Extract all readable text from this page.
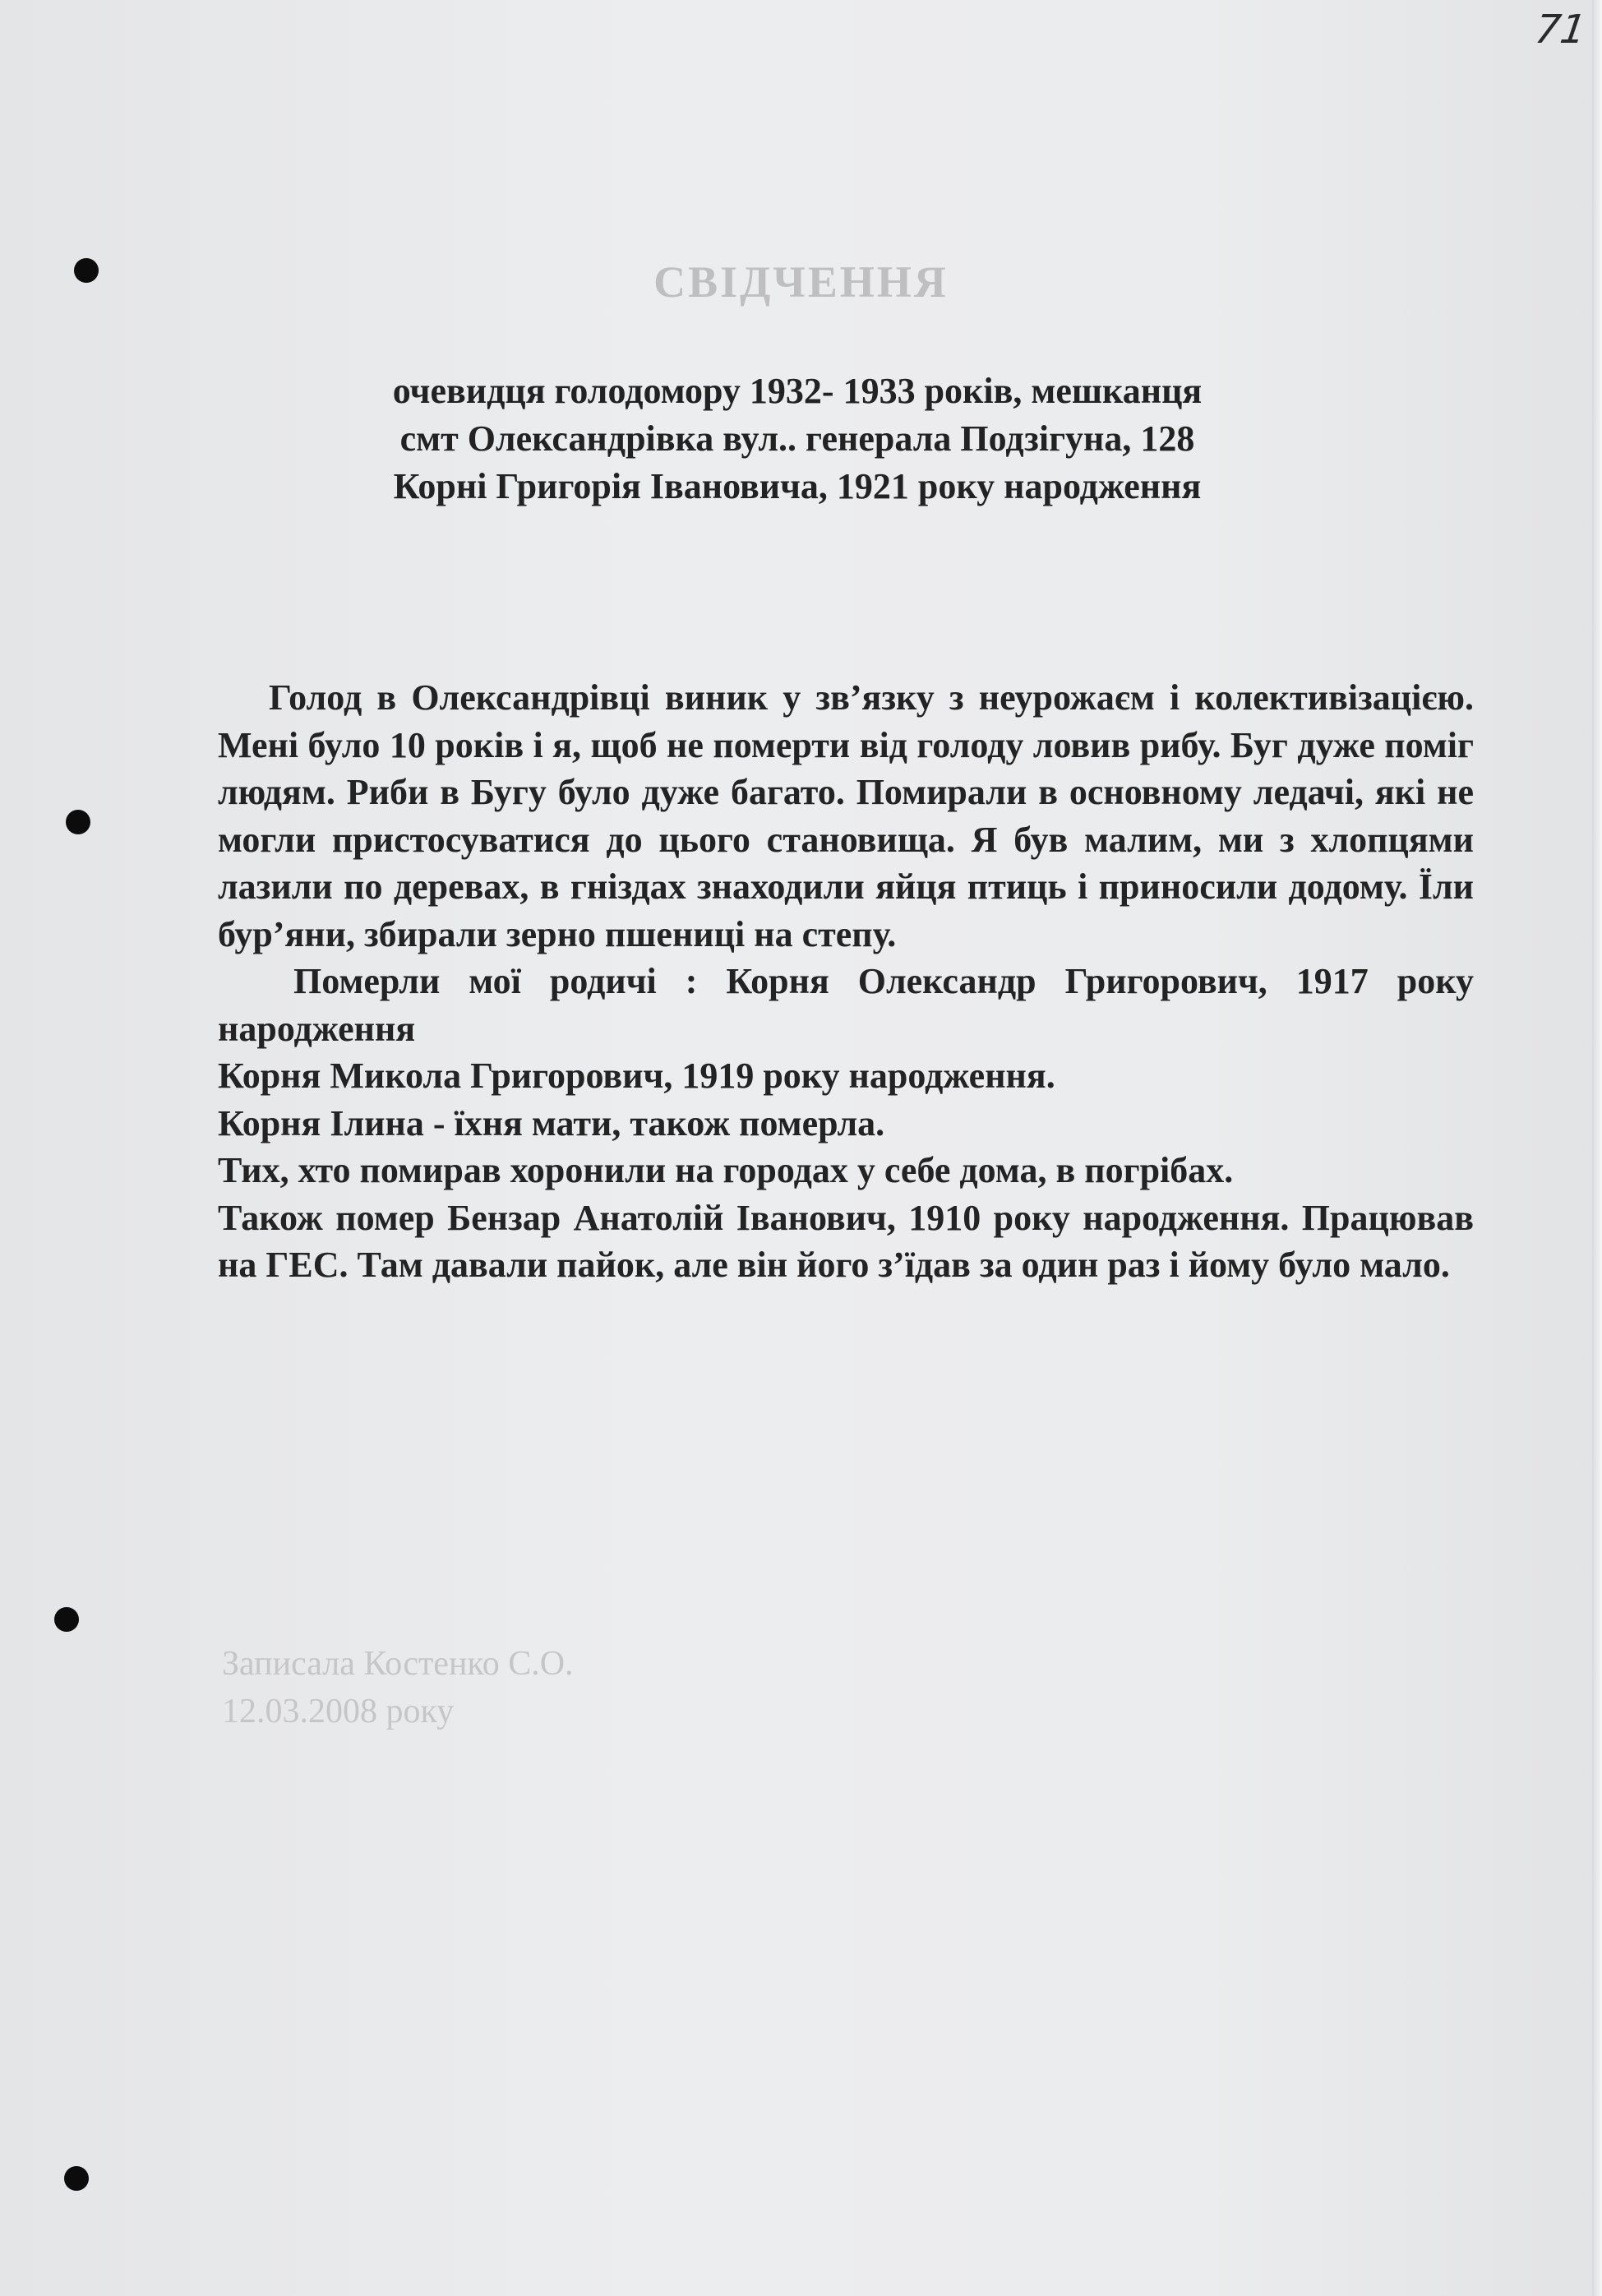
71
СВІДЧЕННЯ
очевидця голодомору 1932- 1933 років, мешканця
смт Олександрівка вул.. генерала Подзігуна, 128
Корні Григорія Івановича, 1921 року народження

Голод в Олександрівці виник у зв’язку з неурожаєм і колективізацією. Мені було 10 років і я, щоб не померти від голоду ловив рибу. Буг дуже поміг людям. Риби в Бугу було дуже багато. Помирали в основному ледачі, які не могли пристосуватися до цього становища. Я був малим, ми з хлопцями лазили по деревах, в гніздах знаходили яйця птиць і приносили додому. Їли бур’яни, збирали зерно пшениці на степу.

Померли мої родичі : Корня Олександр Григорович, 1917 року народження

Корня Микола Григорович, 1919 року народження.

Корня Ілина - їхня мати, також померла.

Тих, хто помирав хоронили на городах у себе дома, в погрібах.

Також помер Бензар Анатолій Іванович, 1910 року народження. Працював на ГЕС. Там давали пайок, але він його з’їдав за один раз і йому було мало.

Записала Костенко С.О.
12.03.2008 року
